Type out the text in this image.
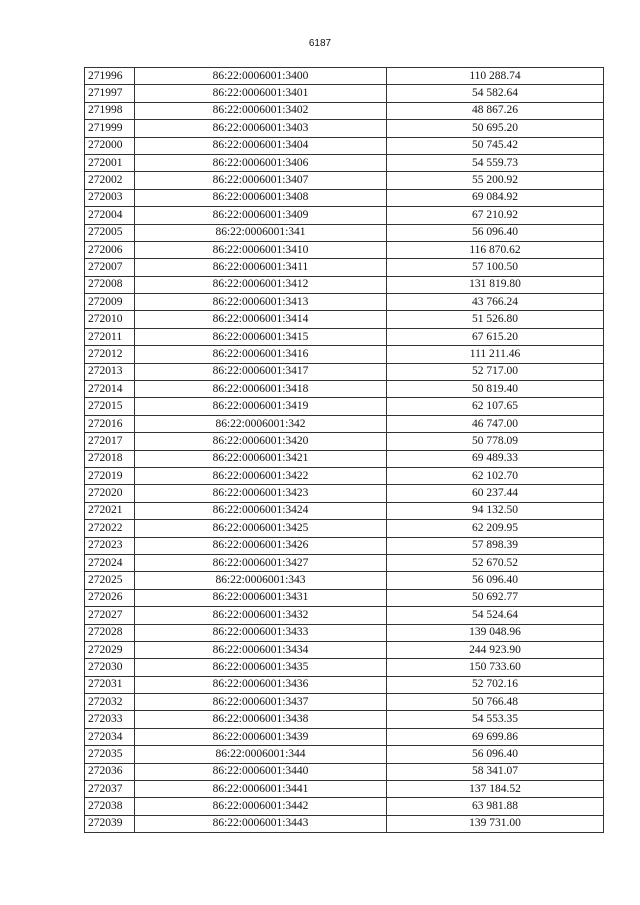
6187
271996	86:22:0006001:3400	110 288.74
271997	86:22:0006001:3401	54 582.64
271998	86:22:0006001:3402	48 867.26
271999	86:22:0006001:3403	50 695.20
272000	86:22:0006001:3404	50 745.42
272001	86:22:0006001:3406	54 559.73
272002	86:22:0006001:3407	55 200.92
272003	86:22:0006001:3408	69 084.92
272004	86:22:0006001:3409	67 210.92
272005	86:22:0006001:341	56 096.40
272006	86:22:0006001:3410	116 870.62
272007	86:22:0006001:3411	57 100.50
272008	86:22:0006001:3412	131 819.80
272009	86:22:0006001:3413	43 766.24
272010	86:22:0006001:3414	51 526.80
272011	86:22:0006001:3415	67 615.20
272012	86:22:0006001:3416	111 211.46
272013	86:22:0006001:3417	52 717.00
272014	86:22:0006001:3418	50 819.40
272015	86:22:0006001:3419	62 107.65
272016	86:22:0006001:342	46 747.00
272017	86:22:0006001:3420	50 778.09
272018	86:22:0006001:3421	69 489.33
272019	86:22:0006001:3422	62 102.70
272020	86:22:0006001:3423	60 237.44
272021	86:22:0006001:3424	94 132.50
272022	86:22:0006001:3425	62 209.95
272023	86:22:0006001:3426	57 898.39
272024	86:22:0006001:3427	52 670.52
272025	86:22:0006001:343	56 096.40
272026	86:22:0006001:3431	50 692.77
272027	86:22:0006001:3432	54 524.64
272028	86:22:0006001:3433	139 048.96
272029	86:22:0006001:3434	244 923.90
272030	86:22:0006001:3435	150 733.60
272031	86:22:0006001:3436	52 702.16
272032	86:22:0006001:3437	50 766.48
272033	86:22:0006001:3438	54 553.35
272034	86:22:0006001:3439	69 699.86
272035	86:22:0006001:344	56 096.40
272036	86:22:0006001:3440	58 341.07
272037	86:22:0006001:3441	137 184.52
272038	86:22:0006001:3442	63 981.88
272039	86:22:0006001:3443	139 731.00
